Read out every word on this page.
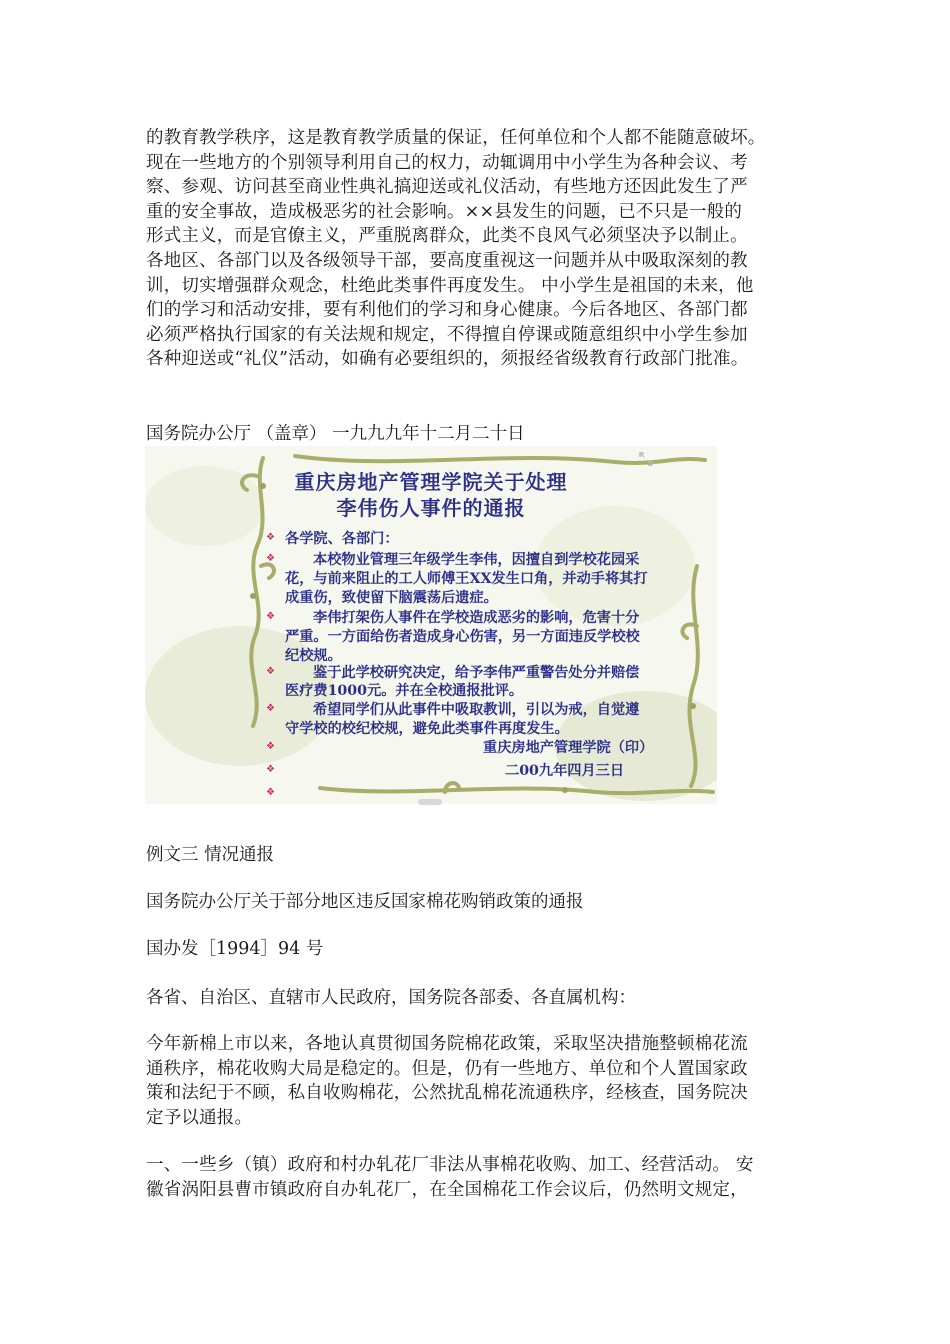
的教育教学秩序，这是教育教学质量的保证，任何单位和个人都不能随意破坏。
现在一些地方的个别领导利用自己的权力，动辄调用中小学生为各种会议、考
察、参观、访问甚至商业性典礼搞迎送或礼仪活动，有些地方还因此发生了严
重的安全事故，造成极恶劣的社会影响。××县发生的问题，已不只是一般的
形式主义，而是官僚主义，严重脱离群众，此类不良风气必须坚决予以制止。
各地区、各部门以及各级领导干部，要高度重视这一问题并从中吸取深刻的教
训，切实增强群众观念，杜绝此类事件再度发生。 中小学生是祖国的未来，他
们的学习和活动安排，要有利他们的学习和身心健康。今后各地区、各部门都
必须严格执行国家的有关法规和规定，不得擅自停课或随意组织中小学生参加
各种迎送或“礼仪”活动，如确有必要组织的，须报经省级教育行政部门批准。

国务院办公厅 （盖章） 一九九九年十二月二十日

重庆房地产管理学院关于处理
李伟伤人事件的通报
❖
❖
❖
❖
❖
❖
❖
❖
各学院、各部门：
本校物业管理三年级学生李伟，因擅自到学校花园采
花，与前来阻止的工人师傅王XX发生口角，并动手将其打
成重伤，致使留下脑震荡后遗症。
李伟打架伤人事件在学校造成恶劣的影响，危害十分
严重。一方面给伤者造成身心伤害，另一方面违反学校校
纪校规。
鉴于此学校研究决定，给予李伟严重警告处分并赔偿
医疗费1000元。并在全校通报批评。
希望同学们从此事件中吸取教训，引以为戒，自觉遵
守学校的校纪校规，避免此类事件再度发生。
重庆房地产管理学院（印）
二00九年四月三日

例文三 情况通报

国务院办公厅关于部分地区违反国家棉花购销政策的通报

国办发［1994］94 号

各省、自治区、直辖市人民政府，国务院各部委、各直属机构：

今年新棉上市以来，各地认真贯彻国务院棉花政策，采取坚决措施整顿棉花流
通秩序，棉花收购大局是稳定的。但是，仍有一些地方、单位和个人置国家政
策和法纪于不顾，私自收购棉花，公然扰乱棉花流通秩序，经核查，国务院决
定予以通报。
一、一些乡（镇）政府和村办轧花厂非法从事棉花收购、加工、经营活动。 安
徽省涡阳县曹市镇政府自办轧花厂，在全国棉花工作会议后，仍然明文规定，
